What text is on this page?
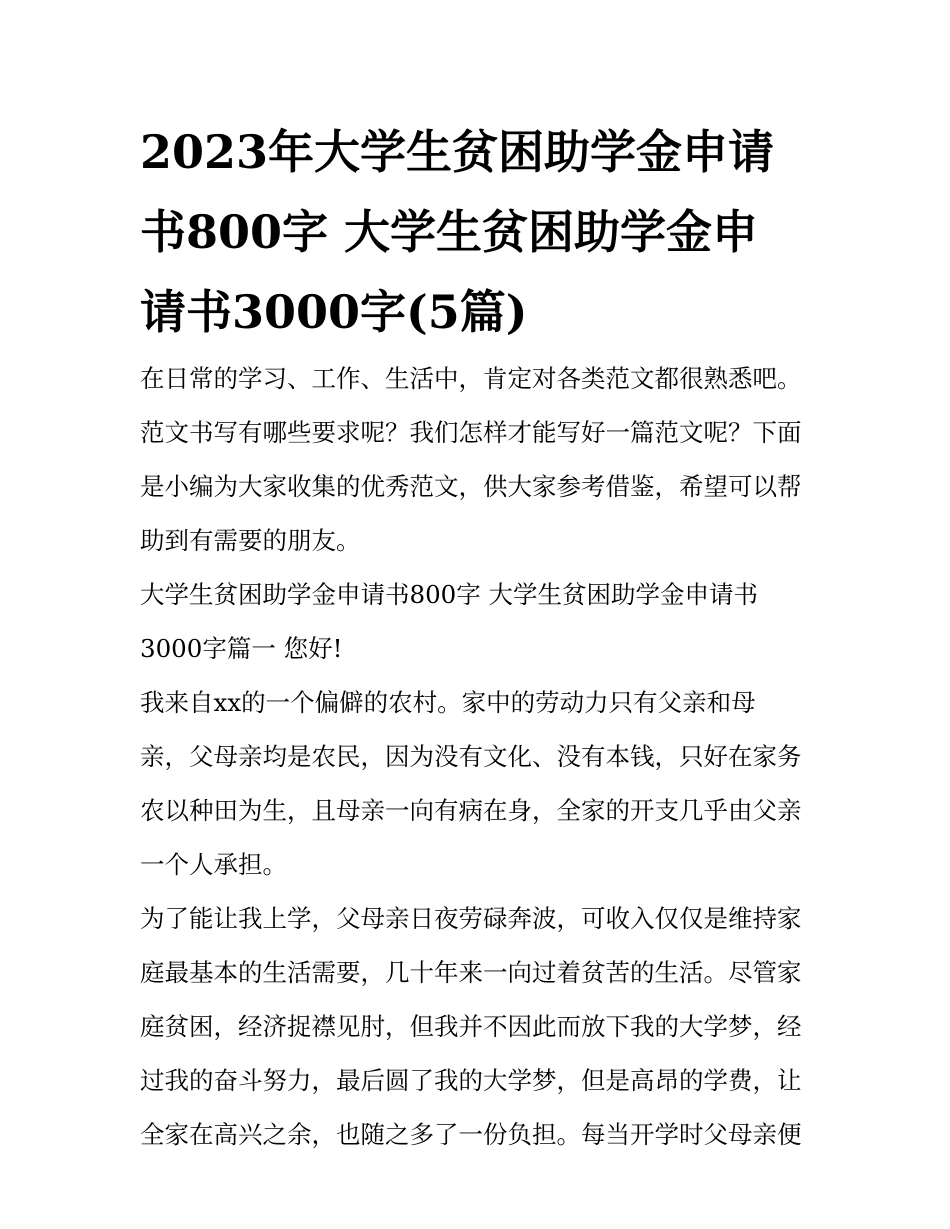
2023年大学生贫困助学金申请
书800字 大学生贫困助学金申
请书3000字(5篇)
在日常的学习、工作、生活中，肯定对各类范文都很熟悉吧。
范文书写有哪些要求呢？我们怎样才能写好一篇范文呢？下面
是小编为大家收集的优秀范文，供大家参考借鉴，希望可以帮
助到有需要的朋友。
大学生贫困助学金申请书800字 大学生贫困助学金申请书
3000字篇一 您好!
我来自xx的一个偏僻的农村。家中的劳动力只有父亲和母
亲，父母亲均是农民，因为没有文化、没有本钱，只好在家务
农以种田为生，且母亲一向有病在身，全家的开支几乎由父亲
一个人承担。
为了能让我上学，父母亲日夜劳碌奔波，可收入仅仅是维持家
庭最基本的生活需要，几十年来一向过着贫苦的生活。尽管家
庭贫困，经济捉襟见肘，但我并不因此而放下我的大学梦，经
过我的奋斗努力，最后圆了我的大学梦，但是高昂的学费，让
全家在高兴之余，也随之多了一份负担。每当开学时父母亲便
